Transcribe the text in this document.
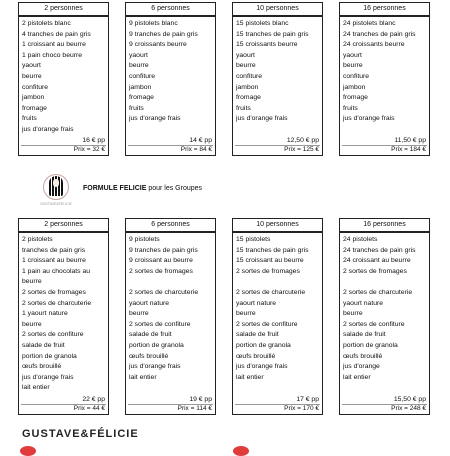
2 personnes
2 pistolets blanc
4 tranches de pain gris
1 croissant au beurre
1 pain choco beurre
yaourt
beurre
confiture
jambon
fromage
fruits
jus d'orange frais
16 € pp
Prix = 32 €
6 personnes
9 pistolets blanc
9 tranches de pain gris
9 croissants beurre
yaourt
beurre
confiture
jambon
fromage
fruits
jus d'orange frais
14 € pp
Prix = 84 €
10 personnes
15 pistolets blanc
15 tranches de pain gris
15 croissants beurre
yaourt
beurre
confiture
jambon
fromage
fruits
jus d'orange frais
12,50 € pp
Prix = 125 €
16 personnes
24 pistolets blanc
24 tranches de pain gris
24 croissants beurre
yaourt
beurre
confiture
jambon
fromage
fruits
jus d'orange frais
11,50 € pp
Prix = 184 €
GUSTAVE&FÉLICIE
FORMULE FELICIE pour les Groupes
2 personnes
2 pistolets
tranches de pain gris
1 croissant au beurre
1 pain au chocolats au
beurre
2 sortes de fromages
2 sortes de charcuterie
1 yaourt nature
beurre
2 sortes de confiture
salade de fruit
portion de granola
œufs brouillé
jus d'orange frais
lait entier
22 € pp
Prix = 44 €
6 personnes
9 pistolets
9 tranches de pain gris
9 croissant au beurre
2 sortes de fromages
2 sortes de charcuterie
yaourt nature
beurre
2 sortes de confiture
salade de fruit
portion de granola
œufs brouillé
jus d'orange frais
lait entier
19 € pp
Prix = 114 €
10 personnes
15 pistolets
15 tranches de pain gris
15 croissant au beurre
2 sortes de fromages
2 sortes de charcuterie
yaourt nature
beurre
2 sortes de confiture
salade de fruit
portion de granola
œufs brouillé
jus d'orange frais
lait entier
17 € pp
Prix = 170 €
16 personnes
24 pistolets
24 tranches de pain gris
24 croissant au beurre
2 sortes de fromages
2 sortes de charcuterie
yaourt nature
beurre
2 sortes de confiture
salade de fruit
portion de granola
œufs brouillé
jus d'orange
lait entier
15,50 € pp
Prix = 248 €
GUSTAVE&FÉLICIE
